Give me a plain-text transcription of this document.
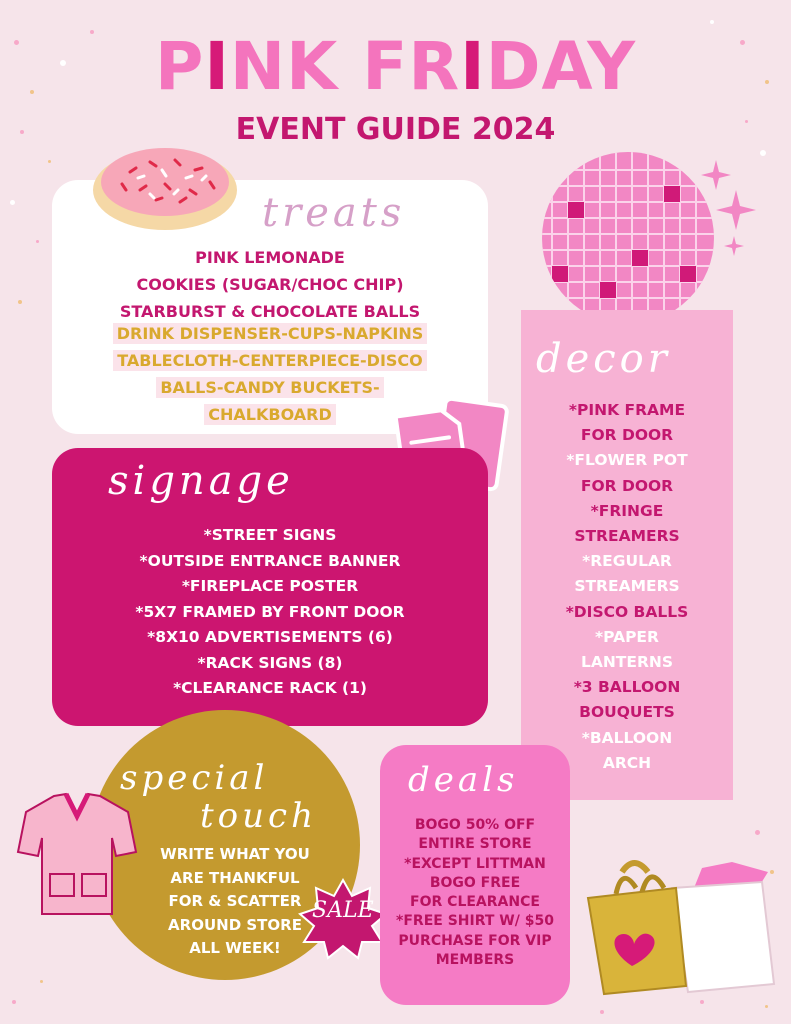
PINK FRIDAY
EVENT GUIDE 2024
treats
PINK LEMONADE
COOKIES (SUGAR/CHOC CHIP)
STARBURST & CHOCOLATE BALLS
DRINK DISPENSER-CUPS-NAPKINS
TABLECLOTH-CENTERPIECE-DISCO
BALLS-CANDY BUCKETS-
CHALKBOARD
decor
*PINK FRAME
FOR DOOR
*FLOWER POT
FOR DOOR
*FRINGE
STREAMERS
*REGULAR
STREAMERS
*DISCO BALLS
*PAPER
LANTERNS
*3 BALLOON
BOUQUETS
*BALLOON
ARCH
signage
*STREET SIGNS
*OUTSIDE ENTRANCE BANNER
*FIREPLACE POSTER
*5X7 FRAMED BY FRONT DOOR
*8X10 ADVERTISEMENTS (6)
*RACK SIGNS (8)
*CLEARANCE RACK (1)
special
touch
WRITE WHAT YOU
ARE THANKFUL
FOR & SCATTER
AROUND STORE
ALL WEEK!
SALE
deals
BOGO 50% OFF
ENTIRE STORE
*EXCEPT LITTMAN
BOGO FREE
FOR CLEARANCE
*FREE SHIRT W/ $50
PURCHASE FOR VIP
MEMBERS
